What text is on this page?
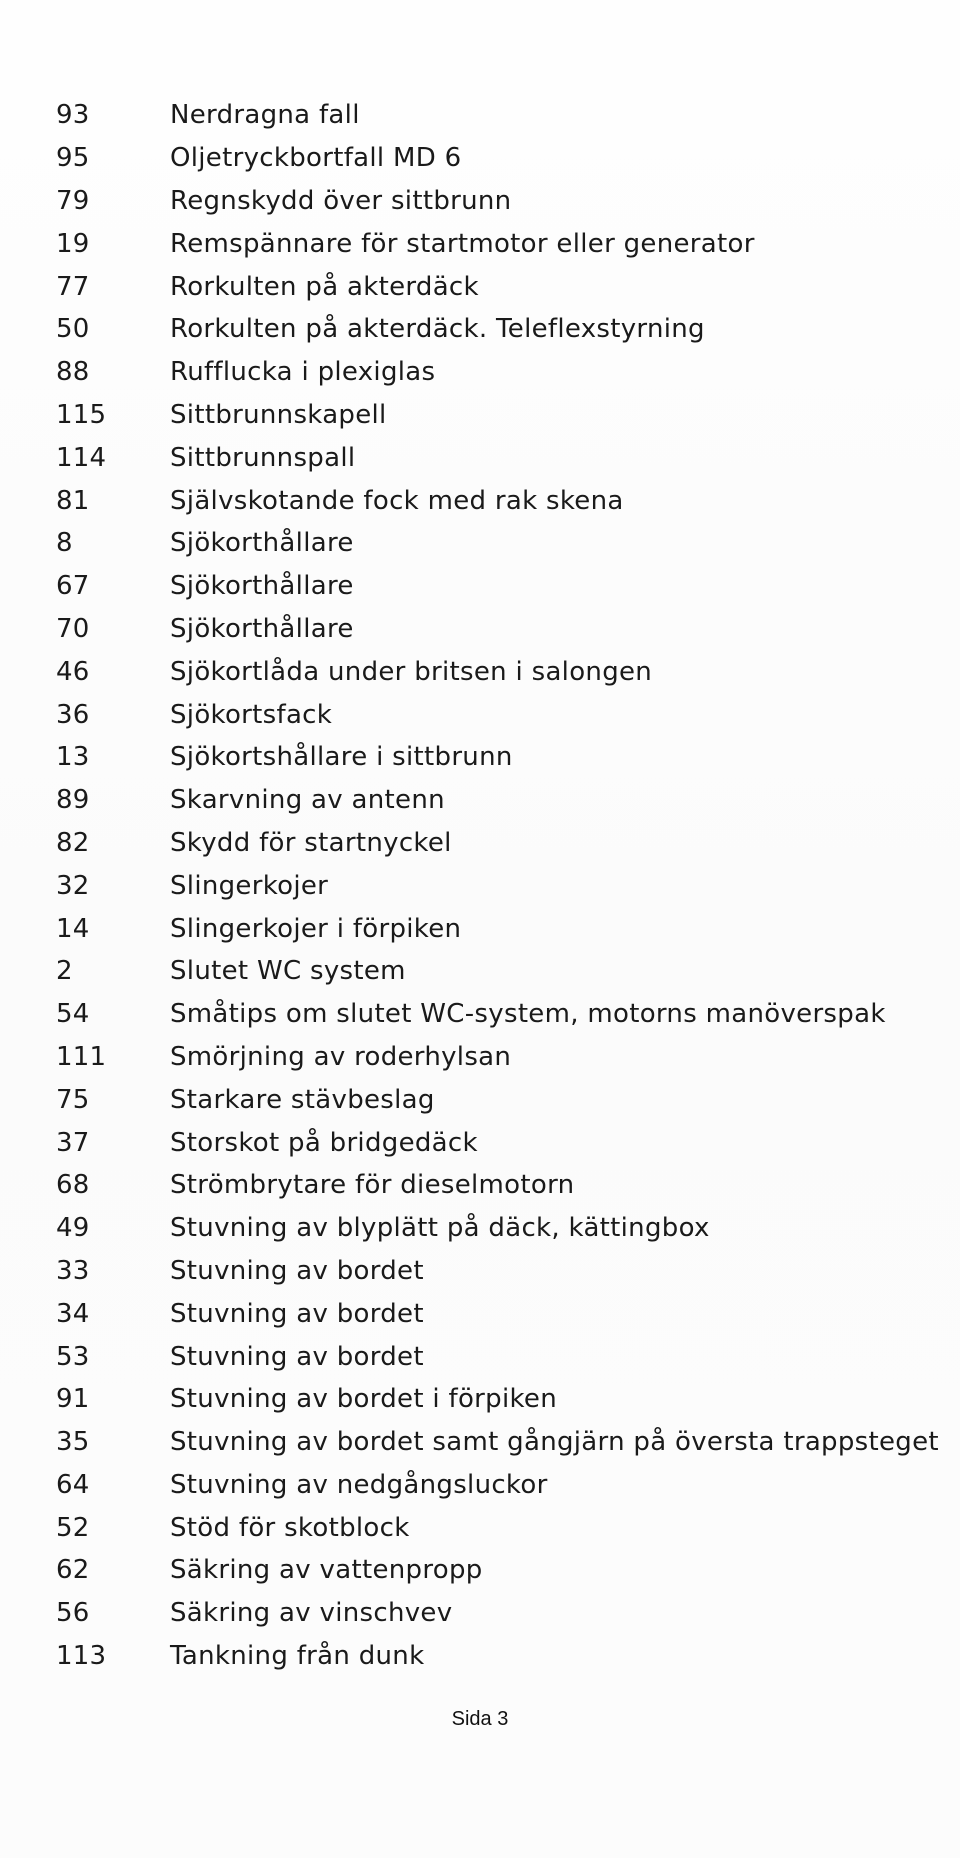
93	Nerdragna fall
95	Oljetryckbortfall MD 6
79	Regnskydd över sittbrunn
19	Remspännare för startmotor eller generator
77	Rorkulten på akterdäck
50	Rorkulten på akterdäck. Teleflexstyrning
88	Rufflucka i plexiglas
115	Sittbrunnskapell
114	Sittbrunnspall
81	Självskotande fock med rak skena
8	Sjökorthållare
67	Sjökorthållare
70	Sjökorthållare
46	Sjökortlåda under britsen i salongen
36	Sjökortsfack
13	Sjökortshållare i sittbrunn
89	Skarvning av antenn
82	Skydd för startnyckel
32	Slingerkojer
14	Slingerkojer i förpiken
2	Slutet WC system
54	Småtips om slutet WC-system, motorns manöverspak
111	Smörjning av roderhylsan
75	Starkare stävbeslag
37	Storskot på bridgedäck
68	Strömbrytare för dieselmotorn
49	Stuvning av blyplätt på däck, kättingbox
33	Stuvning av bordet
34	Stuvning av bordet
53	Stuvning av bordet
91	Stuvning av bordet i förpiken
35	Stuvning av bordet samt gångjärn på översta trappsteget
64	Stuvning av nedgångsluckor
52	Stöd för skotblock
62	Säkring av vattenpropp
56	Säkring av vinschvev
113	Tankning från dunk
Sida 3
